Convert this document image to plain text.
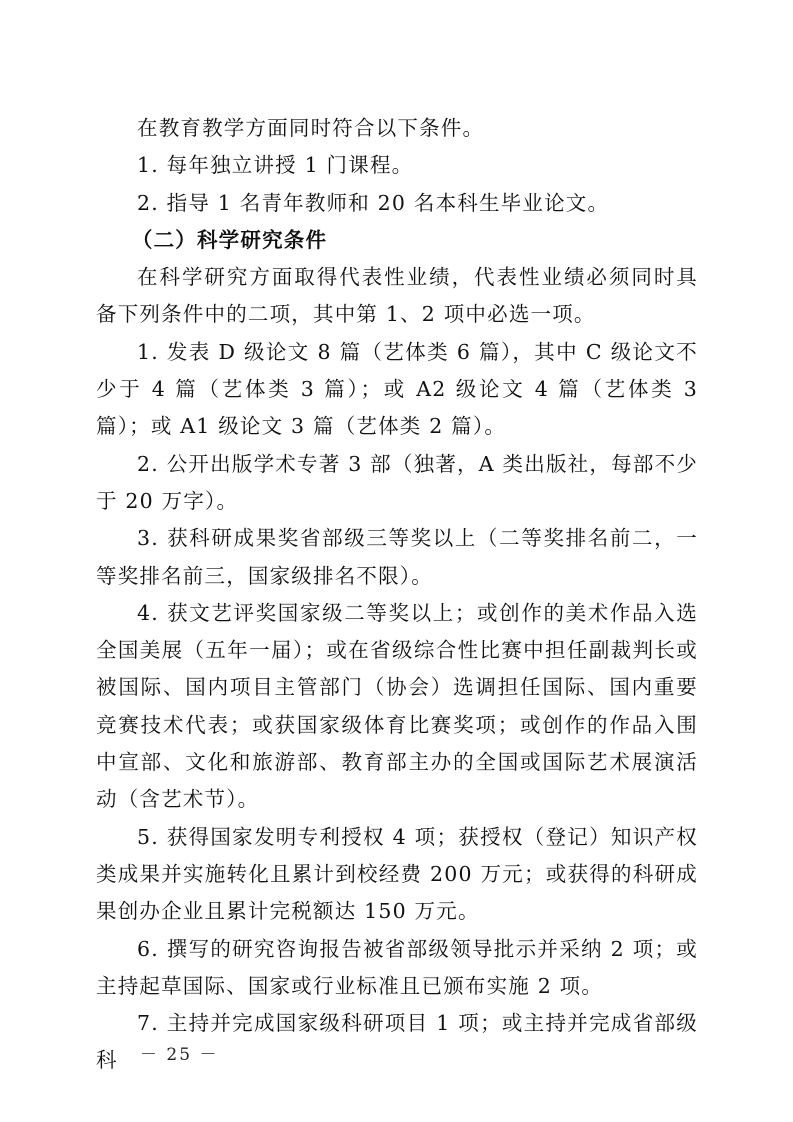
在教育教学方面同时符合以下条件。

1. 每年独立讲授 1 门课程。

2. 指导 1 名青年教师和 20 名本科生毕业论文。

（二）科学研究条件

在科学研究方面取得代表性业绩，代表性业绩必须同时具备下列条件中的二项，其中第 1、2 项中必选一项。

1. 发表 D 级论文 8 篇（艺体类 6 篇），其中 C 级论文不少于 4 篇（艺体类 3 篇）；或 A2 级论文 4 篇（艺体类 3 篇）；或 A1 级论文 3 篇（艺体类 2 篇）。

2. 公开出版学术专著 3 部（独著，A 类出版社，每部不少于 20 万字）。

3. 获科研成果奖省部级三等奖以上（二等奖排名前二，一等奖排名前三，国家级排名不限）。

4. 获文艺评奖国家级二等奖以上；或创作的美术作品入选全国美展（五年一届）；或在省级综合性比赛中担任副裁判长或被国际、国内项目主管部门（协会）选调担任国际、国内重要竞赛技术代表；或获国家级体育比赛奖项；或创作的作品入围中宣部、文化和旅游部、教育部主办的全国或国际艺术展演活动（含艺术节）。

5. 获得国家发明专利授权 4 项；获授权（登记）知识产权类成果并实施转化且累计到校经费 200 万元；或获得的科研成果创办企业且累计完税额达 150 万元。

6. 撰写的研究咨询报告被省部级领导批示并采纳 2 项；或主持起草国际、国家或行业标准且已颁布实施 2 项。

7. 主持并完成国家级科研项目 1 项；或主持并完成省部级科	－ 25 －
